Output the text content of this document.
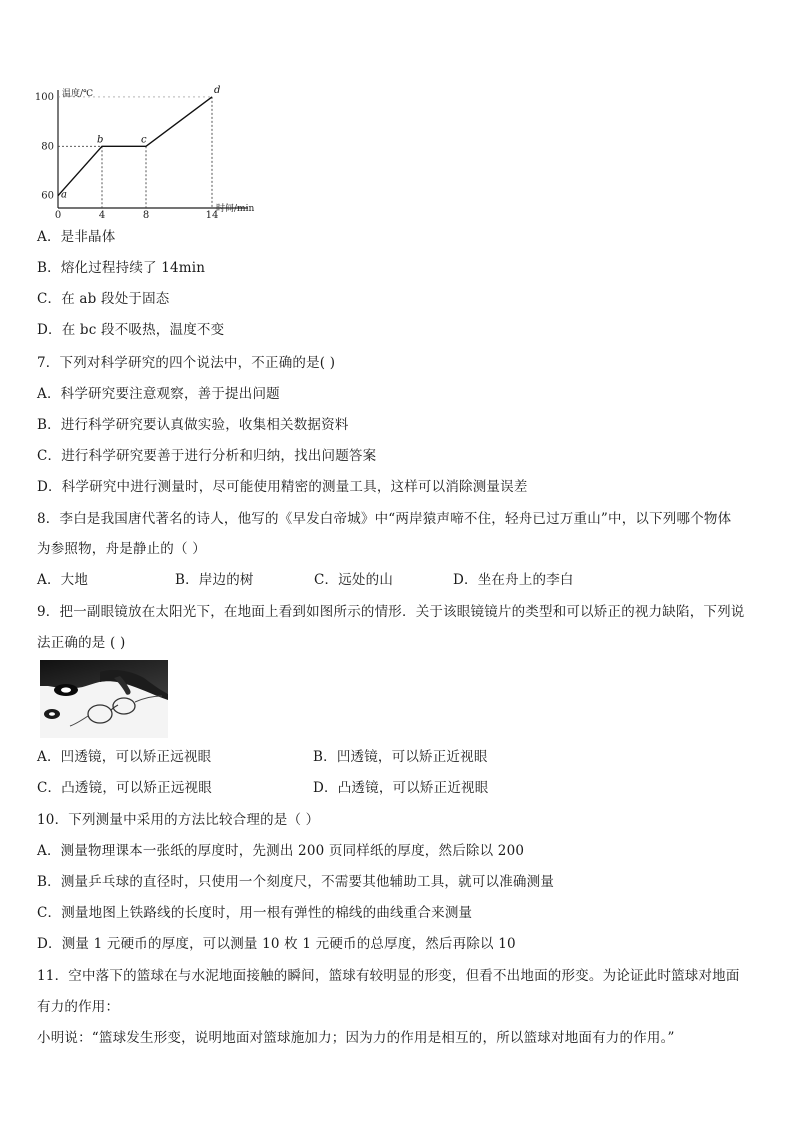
温度/℃
时间/min
60
80
100
0	4	8	14
a
b	c
d
A．是非晶体
B．熔化过程持续了 14min
C．在 ab 段处于固态
D．在 bc 段不吸热，温度不变
7．下列对科学研究的四个说法中，不正确的是( )
A．科学研究要注意观察，善于提出问题
B．进行科学研究要认真做实验，收集相关数据资料
C．进行科学研究要善于进行分析和归纳，找出问题答案
D．科学研究中进行测量时，尽可能使用精密的测量工具，这样可以消除测量误差
8．李白是我国唐代著名的诗人，他写的《早发白帝城》中“两岸猿声啼不住，轻舟已过万重山”中，以下列哪个物体
为参照物，舟是静止的（ ）
A．大地	B．岸边的树	C．远处的山	D．坐在舟上的李白
9．把一副眼镜放在太阳光下，在地面上看到如图所示的情形．关于该眼镜镜片的类型和可以矫正的视力缺陷，下列说
法正确的是 ( )
A．凹透镜，可以矫正远视眼	B．凹透镜，可以矫正近视眼
C．凸透镜，可以矫正远视眼	D．凸透镜，可以矫正近视眼
10．下列测量中采用的方法比较合理的是（ ）
A．测量物理课本一张纸的厚度时，先测出 200 页同样纸的厚度，然后除以 200
B．测量乒乓球的直径时，只使用一个刻度尺，不需要其他辅助工具，就可以准确测量
C．测量地图上铁路线的长度时，用一根有弹性的棉线的曲线重合来测量
D．测量 1 元硬币的厚度，可以测量 10 枚 1 元硬币的总厚度，然后再除以 10
11．空中落下的篮球在与水泥地面接触的瞬间，篮球有较明显的形变，但看不出地面的形变。为论证此时篮球对地面
有力的作用：
小明说：“篮球发生形变，说明地面对篮球施加力；因为力的作用是相互的，所以篮球对地面有力的作用。”
